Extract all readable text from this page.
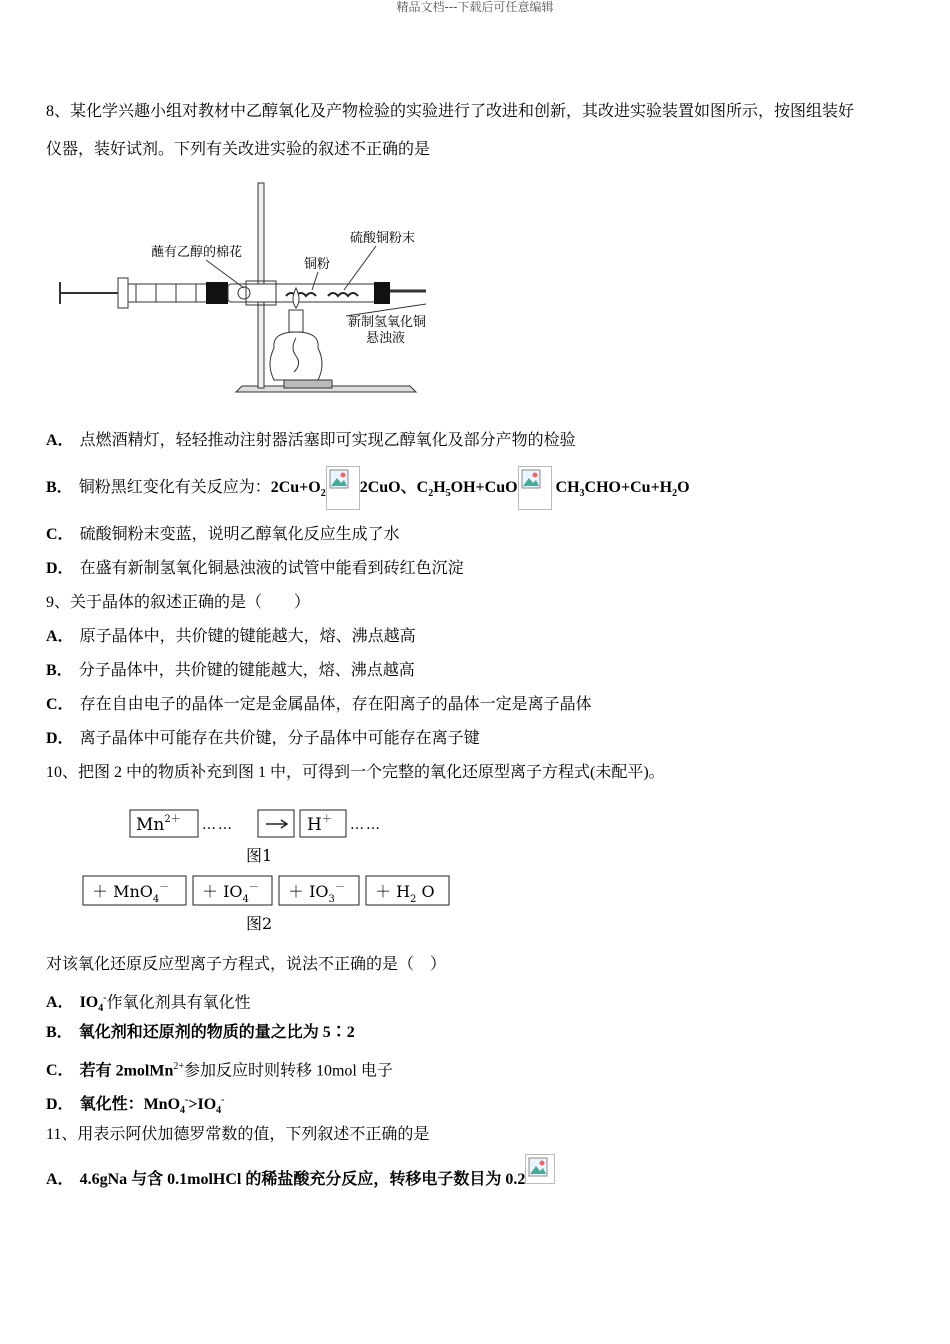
精品文档---下载后可任意编辑
8、某化学兴趣小组对教材中乙醇氧化及产物检验的实验进行了改进和创新，其改进实验装置如图所示，按图组装好
仪器，装好试剂。下列有关改进实验的叙述不正确的是
蘸有乙醇的棉花
铜粉
硫酸铜粉末
新制氢氧化铜
悬浊液
A． 点燃酒精灯，轻轻推动注射器活塞即可实现乙醇氧化及部分产物的检验
B． 铜粉黑红变化有关反应为：$2Cu+O_2$ 2CuO、$C_2H_5OH+CuO$ $CH_3CHO+Cu+H_2O$
C． 硫酸铜粉末变蓝，说明乙醇氧化反应生成了水
D． 在盛有新制氢氧化铜悬浊液的试管中能看到砖红色沉淀
9、关于晶体的叙述正确的是（　　）
A． 原子晶体中，共价键的键能越大，熔、沸点越高
B． 分子晶体中，共价键的键能越大，熔、沸点越高
C． 存在自由电子的晶体一定是金属晶体，存在阳离子的晶体一定是离子晶体
D． 离子晶体中可能存在共价键，分子晶体中可能存在离子键
10、把图 2 中的物质补充到图 1 中，可得到一个完整的氧化还原型离子方程式(未配平)。
$Mn^{2+}$ ……	H＋ ……
图1
＋ $MnO_4^- + IO_4^- + IO_3^- + H_2$ O
图2
对该氧化还原反应型离子方程式，说法不正确的是（　）
A． $IO_4^-$作氧化剂具有氧化性
B． 氧化剂和还原剂的物质的量之比为 5∶2
C． 若有 2molMn$^{2+}$参加反应时则转移 10mol 电子
D． 氧化性：$MnO_4^->IO_4^-$
11、用表示阿伏加德罗常数的值，下列叙述不正确的是
A． 4.6gNa 与含 0.1molHCl 的稀盐酸充分反应，转移电子数目为 0.2
